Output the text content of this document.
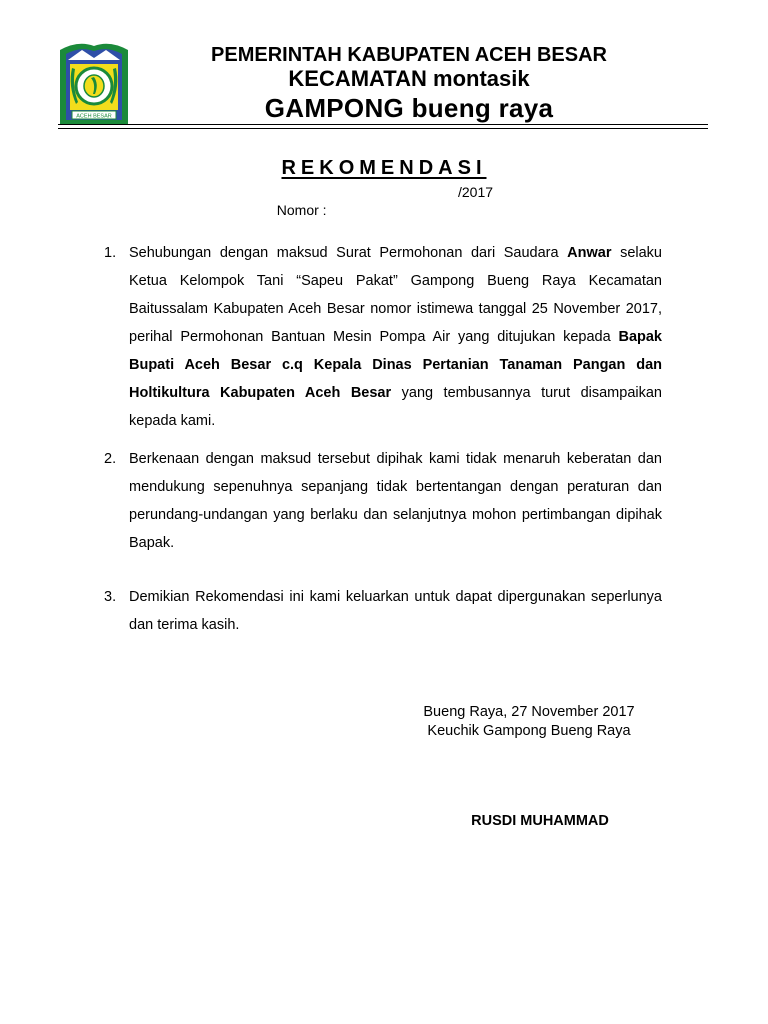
ACEH BESAR
PEMERINTAH KABUPATEN ACEH BESAR
KECAMATAN montasik
GAMPONG bueng raya
REKOMENDASI

Nomor :

/2017

1. Sehubungan dengan maksud Surat Permohonan dari Saudara Anwar selaku Ketua Kelompok Tani “Sapeu Pakat” Gampong Bueng Raya Kecamatan Baitussalam Kabupaten Aceh Besar nomor istimewa tanggal 25 November 2017, perihal Permohonan Bantuan Mesin Pompa Air yang ditujukan kepada Bapak Bupati Aceh Besar c.q Kepala Dinas Pertanian Tanaman Pangan dan Holtikultura Kabupaten Aceh Besar yang tembusannya turut disampaikan kepada kami.

2. Berkenaan dengan maksud tersebut dipihak kami tidak menaruh keberatan dan mendukung sepenuhnya sepanjang tidak bertentangan dengan peraturan dan perundang-undangan yang berlaku dan selanjutnya mohon pertimbangan dipihak Bapak.

3. Demikian Rekomendasi ini kami keluarkan untuk dapat dipergunakan seperlunya dan terima kasih.

Bueng Raya, 27 November 2017
Keuchik Gampong Bueng Raya
RUSDI MUHAMMAD
